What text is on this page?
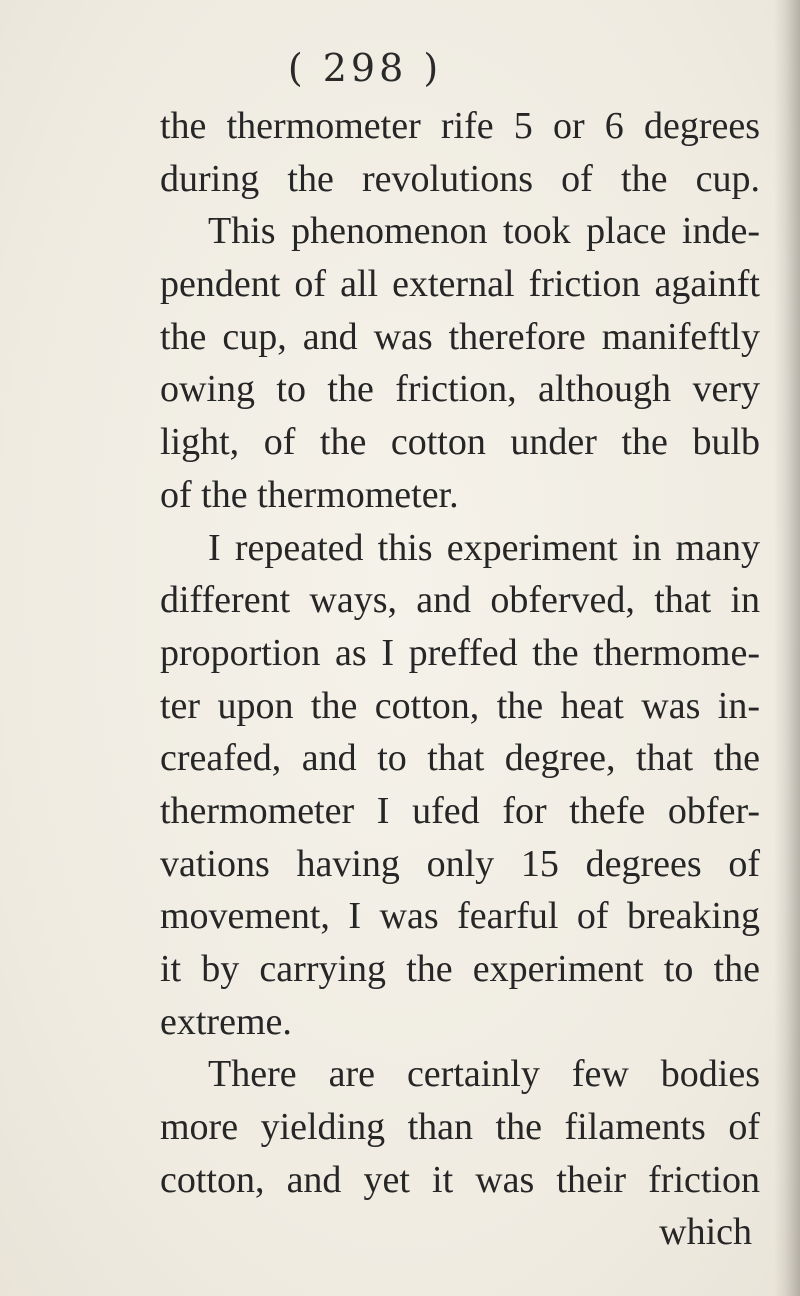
( 298 )
the thermometer rife 5 or 6 degrees
during the revolutions of the cup.
This phenomenon took place inde-
pendent of all external friction againft
the cup, and was therefore manifeftly
owing to the friction, although very
light, of the cotton under the bulb
of the thermometer.
I repeated this experiment in many
different ways, and obferved, that in
proportion as I preffed the thermome-
ter upon the cotton, the heat was in-
creafed, and to that degree, that the
thermometer I ufed for thefe obfer-
vations having only 15 degrees of
movement, I was fearful of breaking
it by carrying the experiment to the
extreme.
There are certainly few bodies
more yielding than the filaments of
cotton, and yet it was their friction
which
